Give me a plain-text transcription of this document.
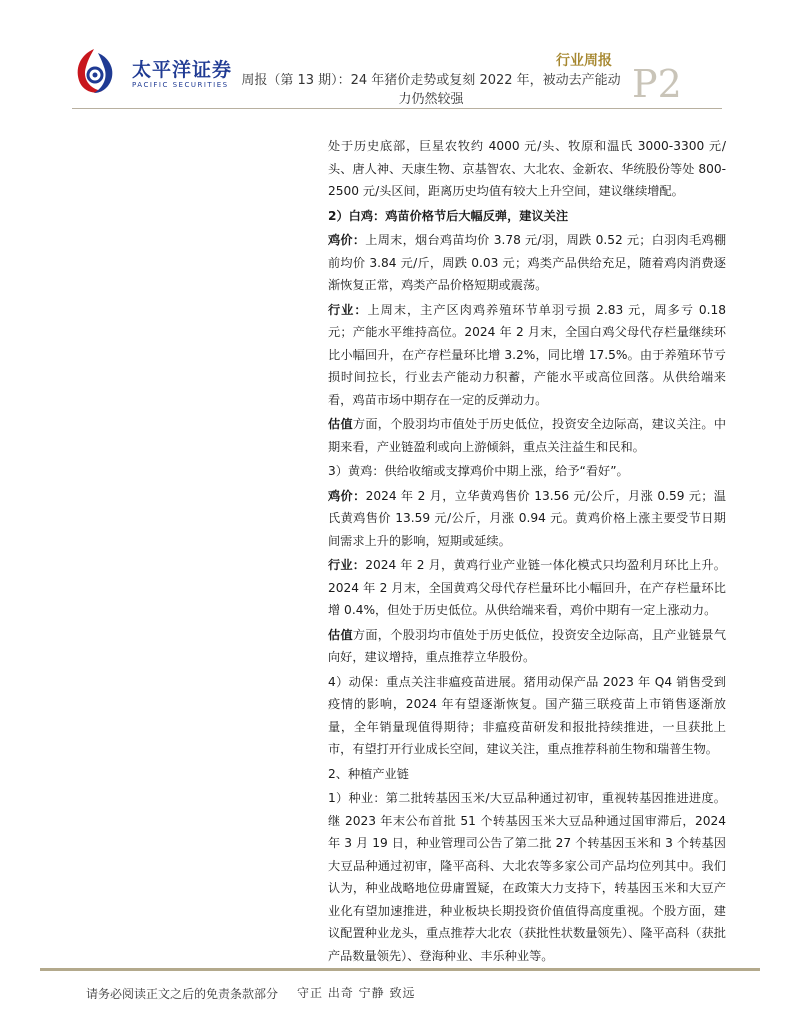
太平洋证券
PACIFIC SECURITIES
行业周报
P2
周报（第 13 期）：24 年猪价走势或复刻 2022 年，被动去产能动力仍然较强

处于历史底部，巨星农牧约 4000 元/头、牧原和温氏 3000-3300 元/头、唐人神、天康生物、京基智农、大北农、金新农、华统股份等处 800-2500 元/头区间，距离历史均值有较大上升空间，建议继续增配。

2）白鸡：鸡苗价格节后大幅反弹，建议关注

鸡价：上周末，烟台鸡苗均价 3.78 元/羽，周跌 0.52 元；白羽肉毛鸡棚前均价 3.84 元/斤，周跌 0.03 元；鸡类产品供给充足，随着鸡肉消费逐渐恢复正常，鸡类产品价格短期或震荡。

行业：上周末，主产区肉鸡养殖环节单羽亏损 2.83 元，周多亏 0.18 元；产能水平维持高位。2024 年 2 月末，全国白鸡父母代存栏量继续环比小幅回升，在产存栏量环比增 3.2%，同比增 17.5%。由于养殖环节亏损时间拉长，行业去产能动力积蓄，产能水平或高位回落。从供给端来看，鸡苗市场中期存在一定的反弹动力。

估值方面，个股羽均市值处于历史低位，投资安全边际高，建议关注。中期来看，产业链盈利或向上游倾斜，重点关注益生和民和。

3）黄鸡：供给收缩或支撑鸡价中期上涨，给予“看好”。

鸡价：2024 年 2 月，立华黄鸡售价 13.56 元/公斤，月涨 0.59 元；温氏黄鸡售价 13.59 元/公斤，月涨 0.94 元。黄鸡价格上涨主要受节日期间需求上升的影响，短期或延续。

行业：2024 年 2 月，黄鸡行业产业链一体化模式只均盈利月环比上升。2024 年 2 月末，全国黄鸡父母代存栏量环比小幅回升，在产存栏量环比增 0.4%，但处于历史低位。从供给端来看，鸡价中期有一定上涨动力。

估值方面，个股羽均市值处于历史低位，投资安全边际高，且产业链景气向好，建议增持，重点推荐立华股份。

4）动保：重点关注非瘟疫苗进展。猪用动保产品 2023 年 Q4 销售受到疫情的影响，2024 年有望逐渐恢复。国产猫三联疫苗上市销售逐渐放量，全年销量现值得期待；非瘟疫苗研发和报批持续推进，一旦获批上市，有望打开行业成长空间，建议关注，重点推荐科前生物和瑞普生物。

2、种植产业链

1）种业：第二批转基因玉米/大豆品种通过初审，重视转基因推进进度。继 2023 年末公布首批 51 个转基因玉米大豆品种通过国审滞后，2024 年 3 月 19 日，种业管理司公告了第二批 27 个转基因玉米和 3 个转基因大豆品种通过初审，隆平高科、大北农等多家公司产品均位列其中。我们认为，种业战略地位毋庸置疑，在政策大力支持下，转基因玉米和大豆产业化有望加速推进，种业板块长期投资价值值得高度重视。个股方面，建议配置种业龙头，重点推荐大北农（获批性状数量领先）、隆平高科（获批产品数量领先）、登海种业、丰乐种业等。

请务必阅读正文之后的免责条款部分 守正 出奇 宁静 致远
